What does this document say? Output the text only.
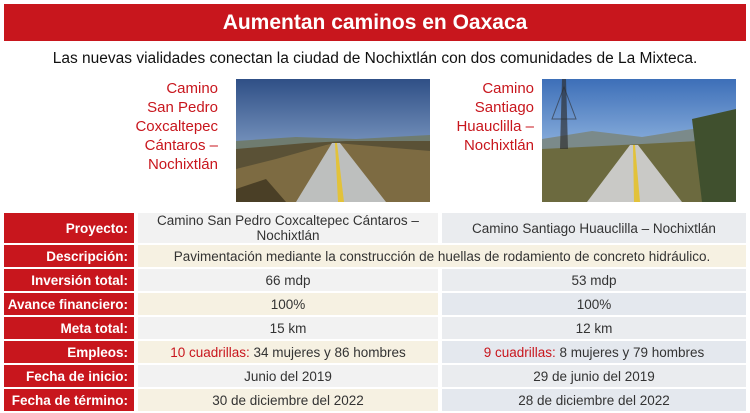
Aumentan caminos en Oaxaca
Las nuevas vialidades conectan la ciudad de Nochixtlán con dos comunidades de La Mixteca.
Camino
San Pedro
Coxcaltepec
Cántaros –
Nochixtlán
Camino
Santiago
Huauclilla –
Nochixtlán
Proyecto:		Camino San Pedro Coxcaltepec Cántaros – Nochixtlán		Camino Santiago Huauclilla – Nochixtlán
Descripción:		Pavimentación mediante la construcción de huellas de rodamiento de concreto hidráulico.		
Inversión total:		66 mdp		53 mdp
Avance financiero:		100%		100%
Meta total:		15 km		12 km
Empleos:		10 cuadrillas: 34 mujeres y 86 hombres		9 cuadrillas: 8 mujeres y 79 hombres
Fecha de inicio:		Junio del 2019		29 de junio del 2019
Fecha de término:		30 de diciembre del 2022		28 de diciembre del 2022
